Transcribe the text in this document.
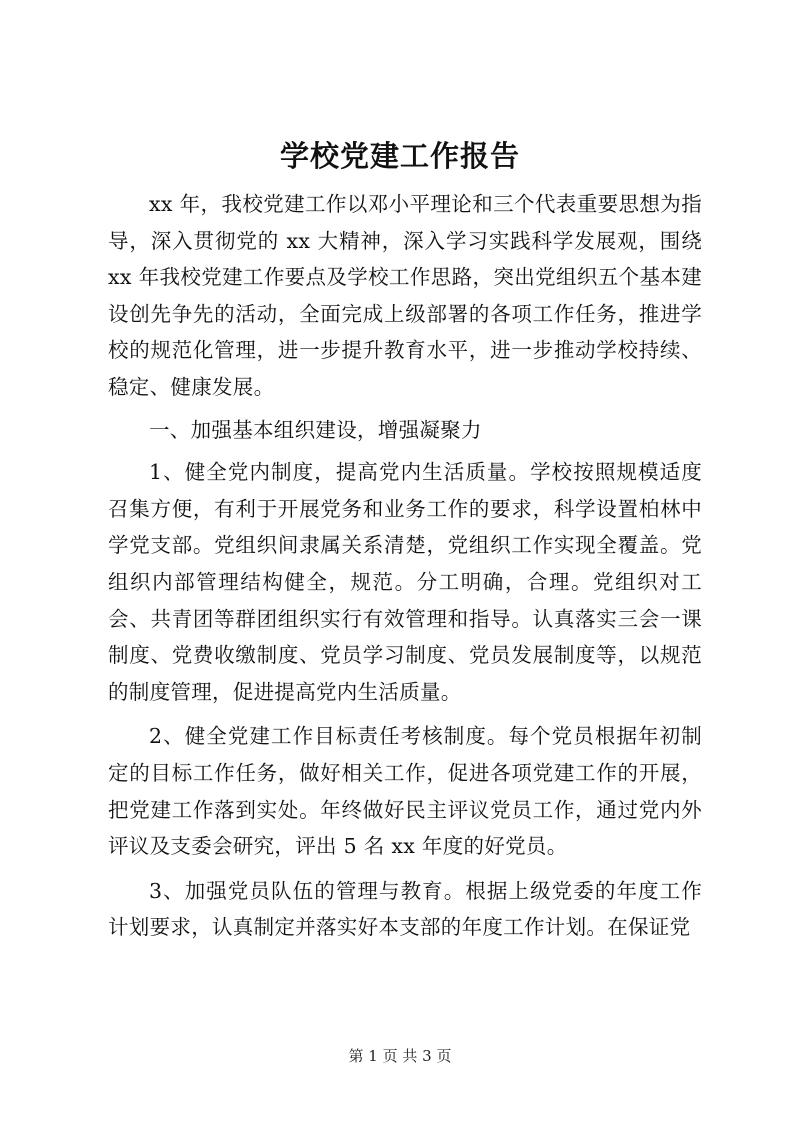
学校党建工作报告

xx 年，我校党建工作以邓小平理论和三个代表重要思想为指导，深入贯彻党的 xx 大精神，深入学习实践科学发展观，围绕 xx 年我校党建工作要点及学校工作思路，突出党组织五个基本建设创先争先的活动，全面完成上级部署的各项工作任务，推进学校的规范化管理，进一步提升教育水平，进一步推动学校持续、稳定、健康发展。

一、加强基本组织建设，增强凝聚力

1、健全党内制度，提高党内生活质量。学校按照规模适度召集方便，有利于开展党务和业务工作的要求，科学设置柏林中学党支部。党组织间隶属关系清楚，党组织工作实现全覆盖。党组织内部管理结构健全，规范。分工明确，合理。党组织对工会、共青团等群团组织实行有效管理和指导。认真落实三会一课制度、党费收缴制度、党员学习制度、党员发展制度等，以规范的制度管理，促进提高党内生活质量。

2、健全党建工作目标责任考核制度。每个党员根据年初制定的目标工作任务，做好相关工作，促进各项党建工作的开展，把党建工作落到实处。年终做好民主评议党员工作，通过党内外评议及支委会研究，评出 5 名 xx 年度的好党员。

3、加强党员队伍的管理与教育。根据上级党委的年度工作计划要求，认真制定并落实好本支部的年度工作计划。在保证党

第 1 页 共 3 页
